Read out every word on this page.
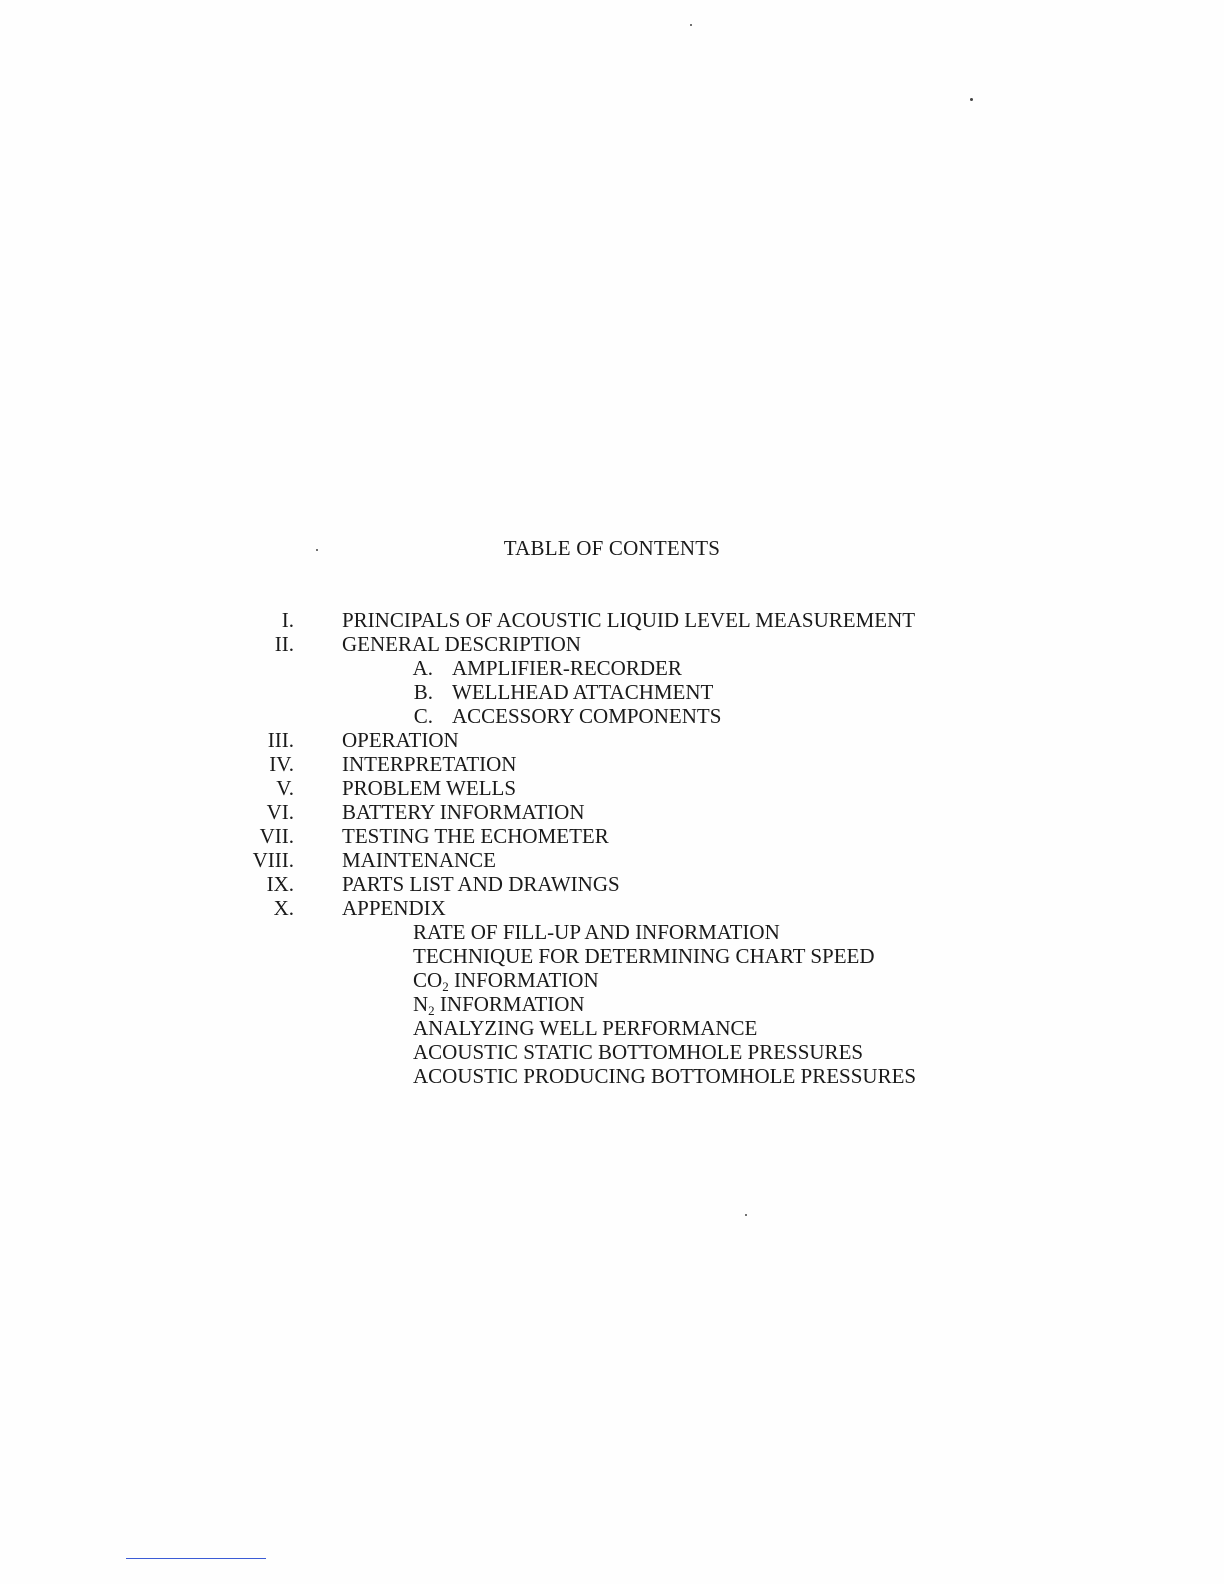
TABLE OF CONTENTS
I. PRINCIPALS OF ACOUSTIC LIQUID LEVEL MEASUREMENT
II. GENERAL DESCRIPTION
A. AMPLIFIER-RECORDER
B. WELLHEAD ATTACHMENT
C. ACCESSORY COMPONENTS
III. OPERATION
IV. INTERPRETATION
V. PROBLEM WELLS
VI. BATTERY INFORMATION
VII. TESTING THE ECHOMETER
VIII. MAINTENANCE
IX. PARTS LIST AND DRAWINGS
X. APPENDIX
RATE OF FILL-UP AND INFORMATION
TECHNIQUE FOR DETERMINING CHART SPEED
$CO_2$ INFORMATION
$N_2$ INFORMATION
ANALYZING WELL PERFORMANCE
ACOUSTIC STATIC BOTTOMHOLE PRESSURES
ACOUSTIC PRODUCING BOTTOMHOLE PRESSURES
